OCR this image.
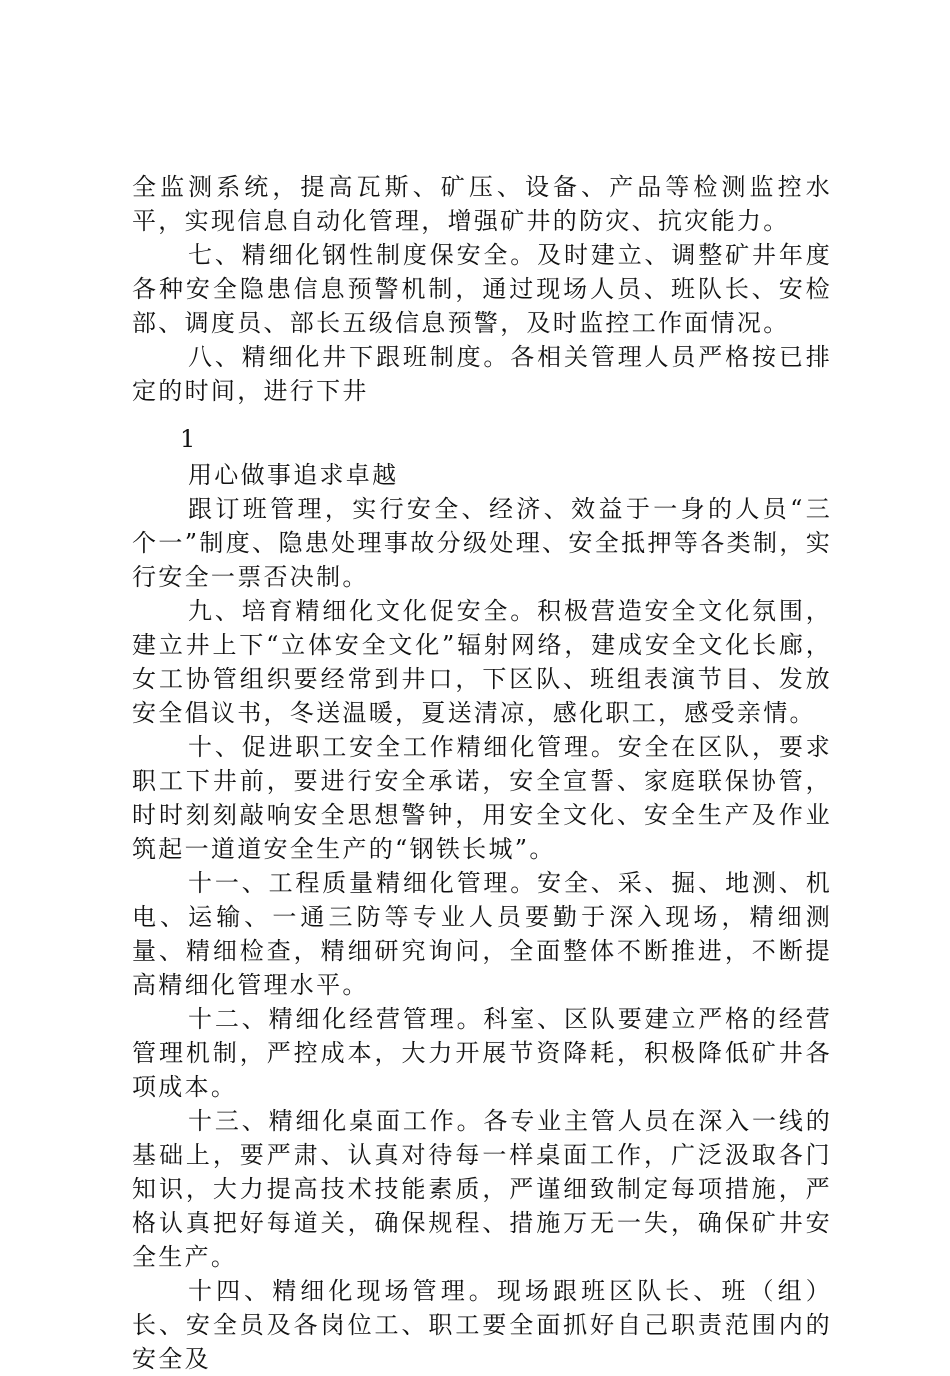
全监测系统，提高瓦斯、矿压、设备、产品等检测监控水平，实现信息自动化管理，增强矿井的防灾、抗灾能力。

七、精细化钢性制度保安全。及时建立、调整矿井年度各种安全隐患信息预警机制，通过现场人员、班队长、安检部、调度员、部长五级信息预警，及时监控工作面情况。

八、精细化井下跟班制度。各相关管理人员严格按已排定的时间，进行下井

1

用心做事追求卓越

跟订班管理，实行安全、经济、效益于一身的人员“三个一”制度、隐患处理事故分级处理、安全抵押等各类制，实行安全一票否决制。

九、培育精细化文化促安全。积极营造安全文化氛围，建立井上下“立体安全文化”辐射网络，建成安全文化长廊，女工协管组织要经常到井口，下区队、班组表演节目、发放安全倡议书，冬送温暖，夏送清凉，感化职工，感受亲情。

十、促进职工安全工作精细化管理。安全在区队，要求职工下井前，要进行安全承诺，安全宣誓、家庭联保协管，时时刻刻敲响安全思想警钟，用安全文化、安全生产及作业筑起一道道安全生产的“钢铁长城”。

十一、工程质量精细化管理。安全、采、掘、地测、机电、运输、一通三防等专业人员要勤于深入现场，精细测量、精细检查，精细研究询问，全面整体不断推进，不断提高精细化管理水平。

十二、精细化经营管理。科室、区队要建立严格的经营管理机制，严控成本，大力开展节资降耗，积极降低矿井各项成本。

十三、精细化桌面工作。各专业主管人员在深入一线的基础上，要严肃、认真对待每一样桌面工作，广泛汲取各门知识，大力提高技术技能素质，严谨细致制定每项措施，严格认真把好每道关，确保规程、措施万无一失，确保矿井安全生产。

十四、精细化现场管理。现场跟班区队长、班（组）长、安全员及各岗位工、职工要全面抓好自己职责范围内的安全及
